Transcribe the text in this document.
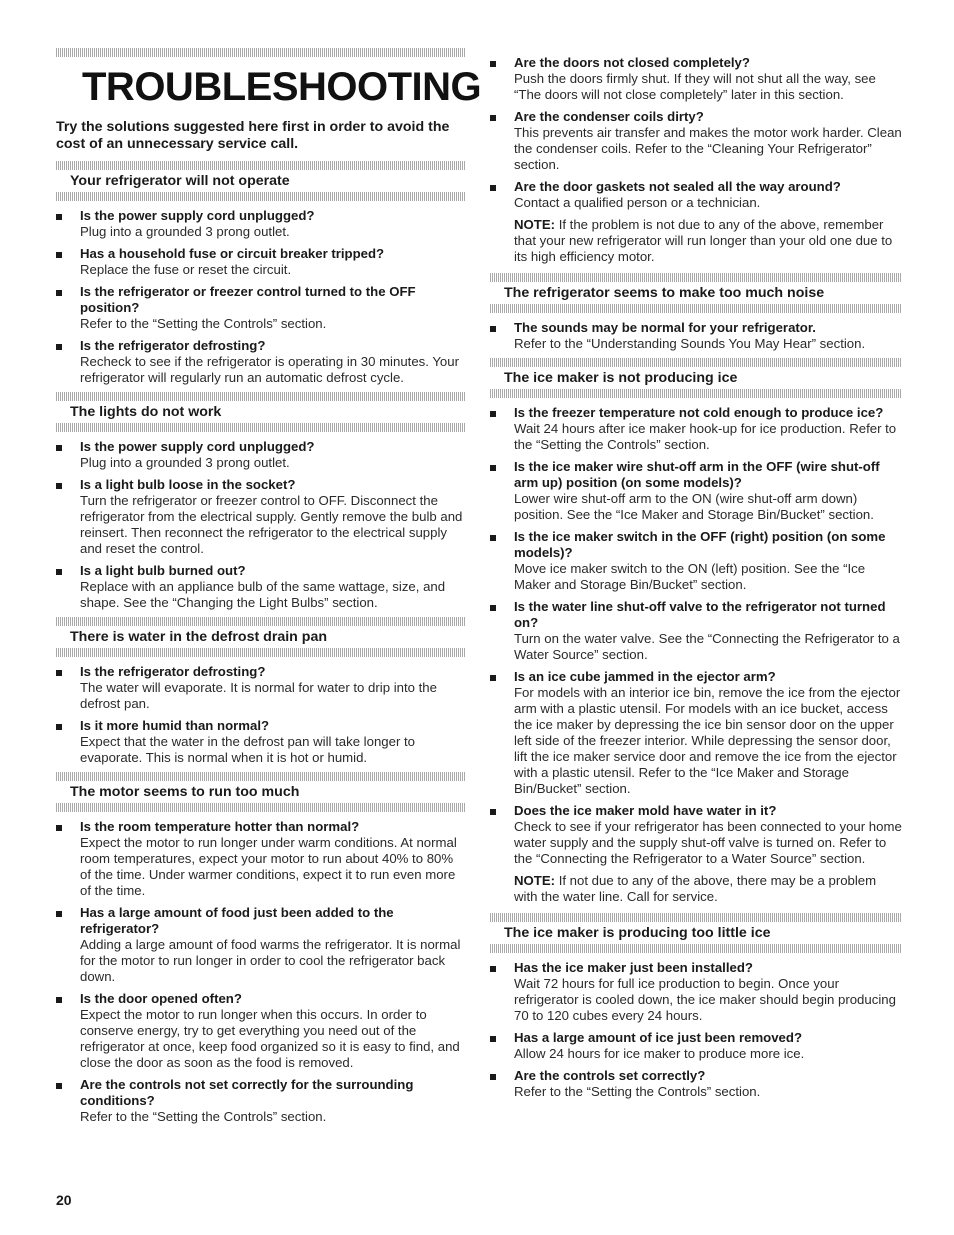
TROUBLESHOOTING
Try the solutions suggested here first in order to avoid the cost of an unnecessary service call.
Your refrigerator will not operate
Is the power supply cord unplugged?
Plug into a grounded 3 prong outlet.
Has a household fuse or circuit breaker tripped?
Replace the fuse or reset the circuit.
Is the refrigerator or freezer control turned to the OFF position?
Refer to the “Setting the Controls” section.
Is the refrigerator defrosting?
Recheck to see if the refrigerator is operating in 30 minutes. Your refrigerator will regularly run an automatic defrost cycle.
The lights do not work
Is the power supply cord unplugged?
Plug into a grounded 3 prong outlet.
Is a light bulb loose in the socket?
Turn the refrigerator or freezer control to OFF. Disconnect the refrigerator from the electrical supply. Gently remove the bulb and reinsert. Then reconnect the refrigerator to the electrical supply and reset the control.
Is a light bulb burned out?
Replace with an appliance bulb of the same wattage, size, and shape. See the “Changing the Light Bulbs” section.
There is water in the defrost drain pan
Is the refrigerator defrosting?
The water will evaporate. It is normal for water to drip into the defrost pan.
Is it more humid than normal?
Expect that the water in the defrost pan will take longer to evaporate. This is normal when it is hot or humid.
The motor seems to run too much
Is the room temperature hotter than normal?
Expect the motor to run longer under warm conditions. At normal room temperatures, expect your motor to run about 40% to 80% of the time. Under warmer conditions, expect it to run even more of the time.
Has a large amount of food just been added to the refrigerator?
Adding a large amount of food warms the refrigerator. It is normal for the motor to run longer in order to cool the refrigerator back down.
Is the door opened often?
Expect the motor to run longer when this occurs. In order to conserve energy, try to get everything you need out of the refrigerator at once, keep food organized so it is easy to find, and close the door as soon as the food is removed.
Are the controls not set correctly for the surrounding conditions?
Refer to the “Setting the Controls” section.
Are the doors not closed completely?
Push the doors firmly shut. If they will not shut all the way, see “The doors will not close completely” later in this section.
Are the condenser coils dirty?
This prevents air transfer and makes the motor work harder. Clean the condenser coils. Refer to the “Cleaning Your Refrigerator” section.
Are the door gaskets not sealed all the way around?
Contact a qualified person or a technician.
NOTE: If the problem is not due to any of the above, remember that your new refrigerator will run longer than your old one due to its high efficiency motor.
The refrigerator seems to make too much noise
The sounds may be normal for your refrigerator.
Refer to the “Understanding Sounds You May Hear” section.
The ice maker is not producing ice
Is the freezer temperature not cold enough to produce ice?
Wait 24 hours after ice maker hook-up for ice production. Refer to the “Setting the Controls” section.
Is the ice maker wire shut-off arm in the OFF (wire shut-off arm up) position (on some models)?
Lower wire shut-off arm to the ON (wire shut-off arm down) position. See the “Ice Maker and Storage Bin/Bucket” section.
Is the ice maker switch in the OFF (right) position (on some models)?
Move ice maker switch to the ON (left) position. See the “Ice Maker and Storage Bin/Bucket” section.
Is the water line shut-off valve to the refrigerator not turned on?
Turn on the water valve. See the “Connecting the Refrigerator to a Water Source” section.
Is an ice cube jammed in the ejector arm?
For models with an interior ice bin, remove the ice from the ejector arm with a plastic utensil. For models with an ice bucket, access the ice maker by depressing the ice bin sensor door on the upper left side of the freezer interior. While depressing the sensor door, lift the ice maker service door and remove the ice from the ejector with a plastic utensil. Refer to the “Ice Maker and Storage Bin/Bucket” section.
Does the ice maker mold have water in it?
Check to see if your refrigerator has been connected to your home water supply and the supply shut-off valve is turned on. Refer to the “Connecting the Refrigerator to a Water Source” section.
NOTE: If not due to any of the above, there may be a problem with the water line. Call for service.
The ice maker is producing too little ice
Has the ice maker just been installed?
Wait 72 hours for full ice production to begin. Once your refrigerator is cooled down, the ice maker should begin producing 70 to 120 cubes every 24 hours.
Has a large amount of ice just been removed?
Allow 24 hours for ice maker to produce more ice.
Are the controls set correctly?
Refer to the “Setting the Controls” section.
20
